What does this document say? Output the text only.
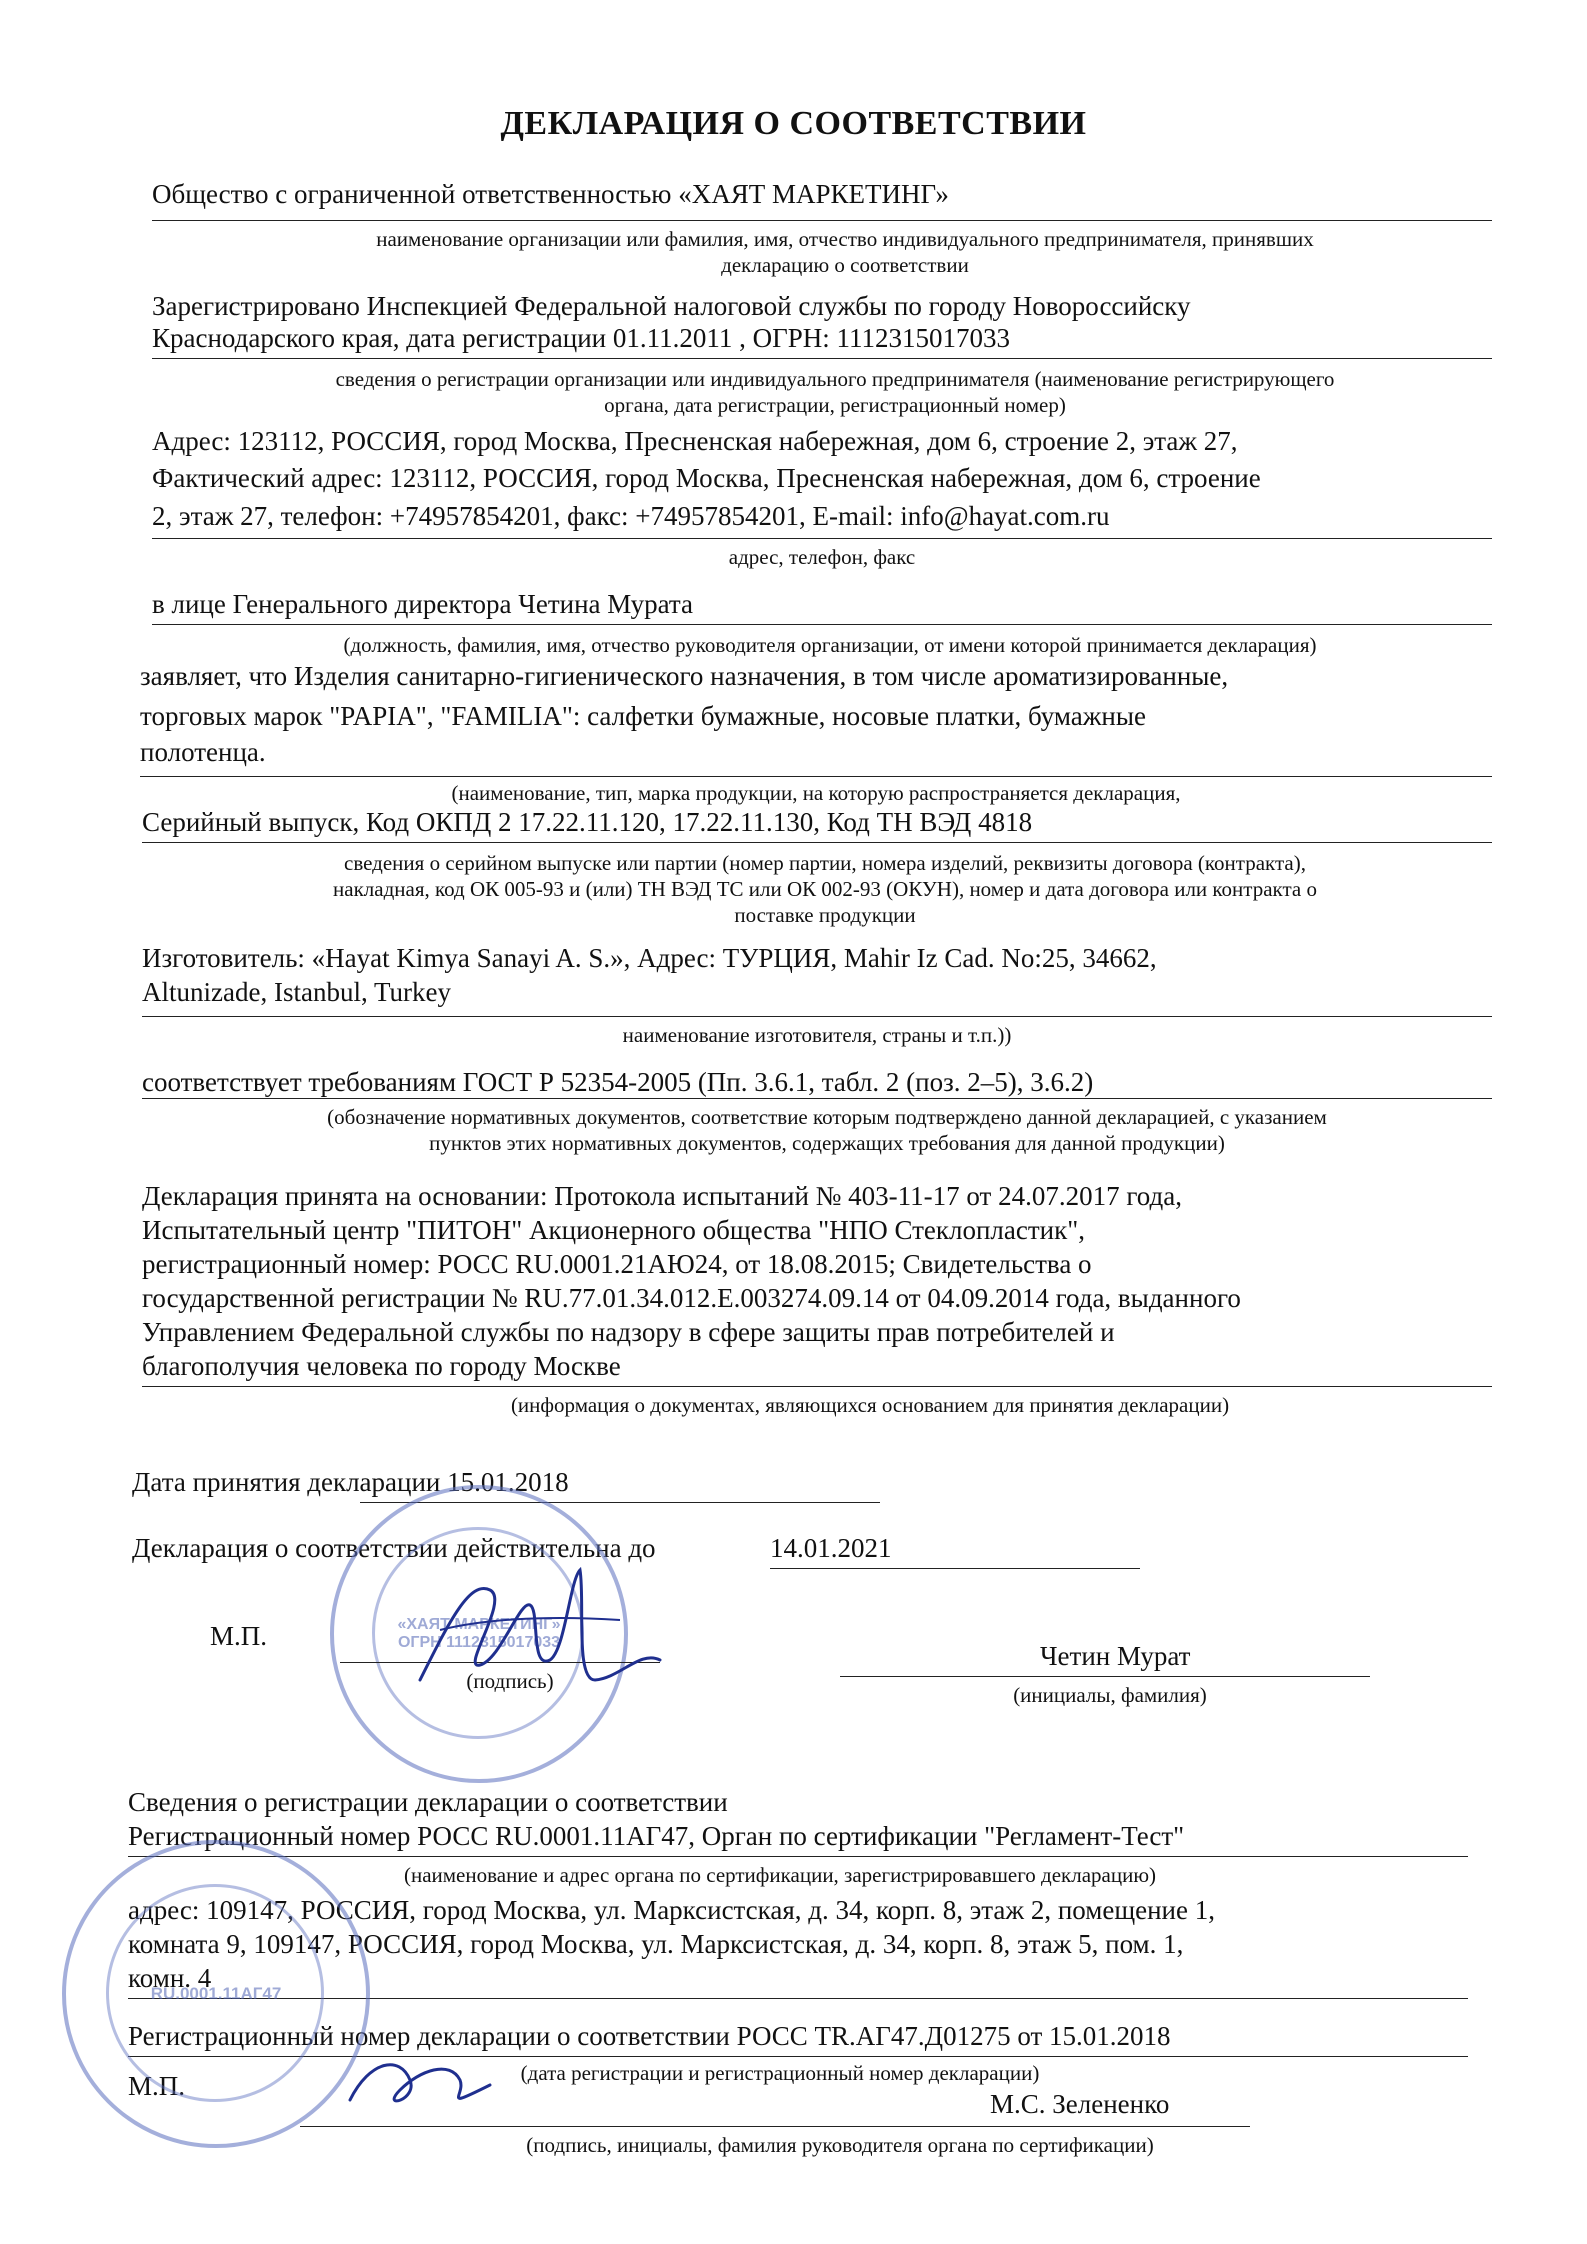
ДЕКЛАРАЦИЯ О СООТВЕТСТВИИ
Общество с ограниченной ответственностью «ХАЯТ МАРКЕТИНГ»
наименование организации или фамилия, имя, отчество индивидуального предпринимателя, принявших
декларацию о соответствии
Зарегистрировано Инспекцией Федеральной налоговой службы по городу Новороссийску
Краснодарского края, дата регистрации 01.11.2011 , ОГРН: 1112315017033
сведения о регистрации организации или индивидуального предпринимателя (наименование регистрирующего
органа, дата регистрации, регистрационный номер)
Адрес: 123112, РОССИЯ, город Москва, Пресненская набережная, дом 6, строение 2, этаж 27,
Фактический адрес: 123112, РОССИЯ, город Москва, Пресненская набережная, дом 6, строение
2, этаж 27, телефон: +74957854201, факс: +74957854201, E-mail: info@hayat.com.ru
адрес, телефон, факс
в лице Генерального директора Четина Мурата
(должность, фамилия, имя, отчество руководителя организации, от имени которой принимается декларация)
заявляет, что Изделия санитарно-гигиенического назначения, в том числе ароматизированные,
торговых марок "PAPIA", "FAMILIA": салфетки бумажные, носовые платки, бумажные
полотенца.
(наименование, тип, марка продукции, на которую распространяется декларация,
Серийный выпуск, Код ОКПД 2 17.22.11.120, 17.22.11.130, Код ТН ВЭД 4818
сведения о серийном выпуске или партии (номер партии, номера изделий, реквизиты договора (контракта),
накладная, код ОК 005-93 и (или) ТН ВЭД ТС или ОК 002-93 (ОКУН), номер и дата договора или контракта о
поставке продукции
Изготовитель: «Hayat Kimya Sanayi A. S.», Адрес: ТУРЦИЯ, Mahir Iz Cad. No:25, 34662,
Altunizade, Istanbul, Turkey
наименование изготовителя, страны и т.п.))
соответствует требованиям ГОСТ Р 52354-2005 (Пп. 3.6.1, табл. 2 (поз. 2–5), 3.6.2)
(обозначение нормативных документов, соответствие которым подтверждено данной декларацией, с указанием
пунктов этих нормативных документов, содержащих требования для данной продукции)
Декларация принята на основании: Протокола испытаний № 403-11-17 от 24.07.2017 года,
Испытательный центр "ПИТОН" Акционерного общества "НПО Стеклопластик",
регистрационный номер: РОСС RU.0001.21АЮ24, от 18.08.2015; Свидетельства о
государственной регистрации № RU.77.01.34.012.Е.003274.09.14 от 04.09.2014 года, выданного
Управлением Федеральной службы по надзору в сфере защиты прав потребителей и
благополучия человека по городу Москве
(информация о документах, являющихся основанием для принятия декларации)
Дата принятия декларации 15.01.2018
Декларация о соответствии действительна до	14.01.2021
«ХАЯТ МАРКЕТИНГ» ОГРН 1112315017033
М.П.
(подпись)
Четин Мурат
(инициалы, фамилия)
Сведения о регистрации декларации о соответствии
Регистрационный номер РОСС RU.0001.11АГ47, Орган по сертификации "Регламент-Тест"
(наименование и адрес органа по сертификации, зарегистрировавшего декларацию)
адрес: 109147, РОССИЯ, город Москва, ул. Марксистская, д. 34, корп. 8, этаж 2, помещение 1,
комната 9, 109147, РОССИЯ, город Москва, ул. Марксистская, д. 34, корп. 8, этаж 5, пом. 1,
комн. 4
Регистрационный номер декларации о соответствии РОСС TR.АГ47.Д01275 от 15.01.2018
(дата регистрации и регистрационный номер декларации)
М.П.
М.С. Зелененко
(подпись, инициалы, фамилия руководителя органа по сертификации)
RU.0001.11АГ47
